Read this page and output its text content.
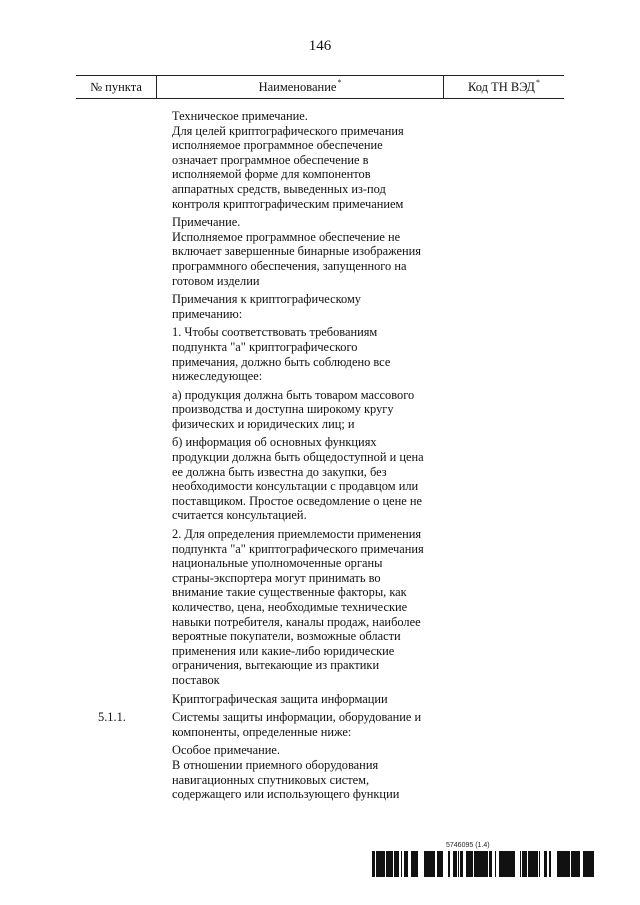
146
№ пункта	Наименование*	Код ТН ВЭД*
Техническое примечание.
Для целей криптографического примечания
исполняемое программное обеспечение
означает программное обеспечение в
исполняемой форме для компонентов
аппаратных средств, выведенных из-под
контроля криптографическим примечанием
Примечание.
Исполняемое программное обеспечение не
включает завершенные бинарные изображения
программного обеспечения, запущенного на
готовом изделии
Примечания к криптографическому
примечанию:
1. Чтобы соответствовать требованиям
подпункта "а" криптографического
примечания, должно быть соблюдено все
нижеследующее:
а) продукция должна быть товаром массового
производства и доступна широкому кругу
физических и юридических лиц; и
б) информация об основных функциях
продукции должна быть общедоступной и цена
ее должна быть известна до закупки, без
необходимости консультации с продавцом или
поставщиком. Простое осведомление о цене не
считается консультацией.
2. Для определения приемлемости применения
подпункта "а" криптографического примечания
национальные уполномоченные органы
страны-экспортера могут принимать во
внимание такие существенные факторы, как
количество, цена, необходимые технические
навыки потребителя, каналы продаж, наиболее
вероятные покупатели, возможные области
применения или какие-либо юридические
ограничения, вытекающие из практики
поставок
Криптографическая защита информации
5.1.1.	Системы защиты информации, оборудование и
компоненты, определенные ниже:
Особое примечание.
В отношении приемного оборудования
навигационных спутниковых систем,
содержащего или использующего функции
5746095 (1.4)
